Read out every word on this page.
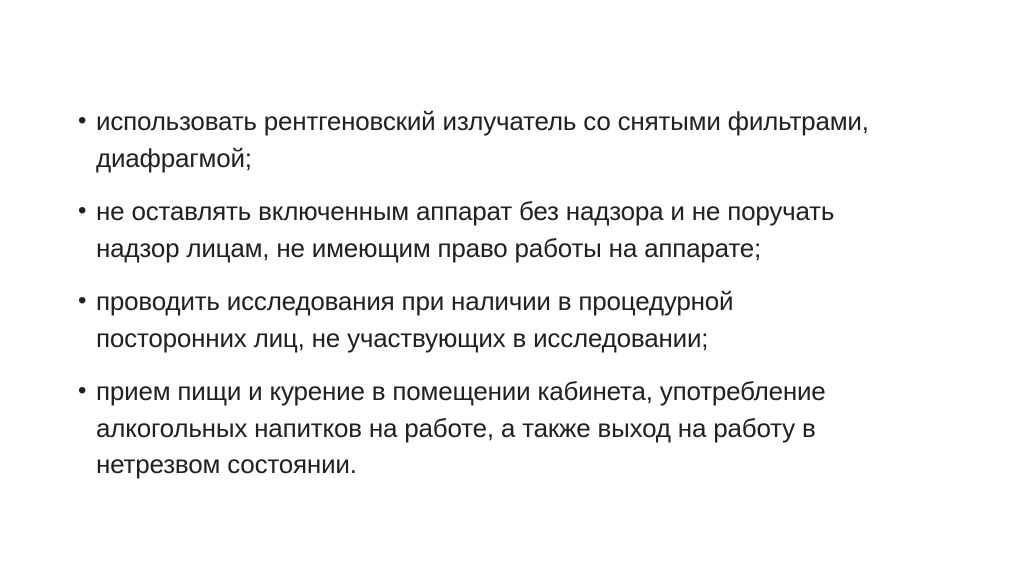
• использовать рентгеновский излучатель со снятыми фильтрами,
диафрагмой;
• не оставлять включенным аппарат без надзора и не поручать
надзор лицам, не имеющим право работы на аппарате;
• проводить исследования при наличии в процедурной
посторонних лиц, не участвующих в исследовании;
• прием пищи и курение в помещении кабинета, употребление
алкогольных напитков на работе, а также выход на работу в
нетрезвом состоянии.
